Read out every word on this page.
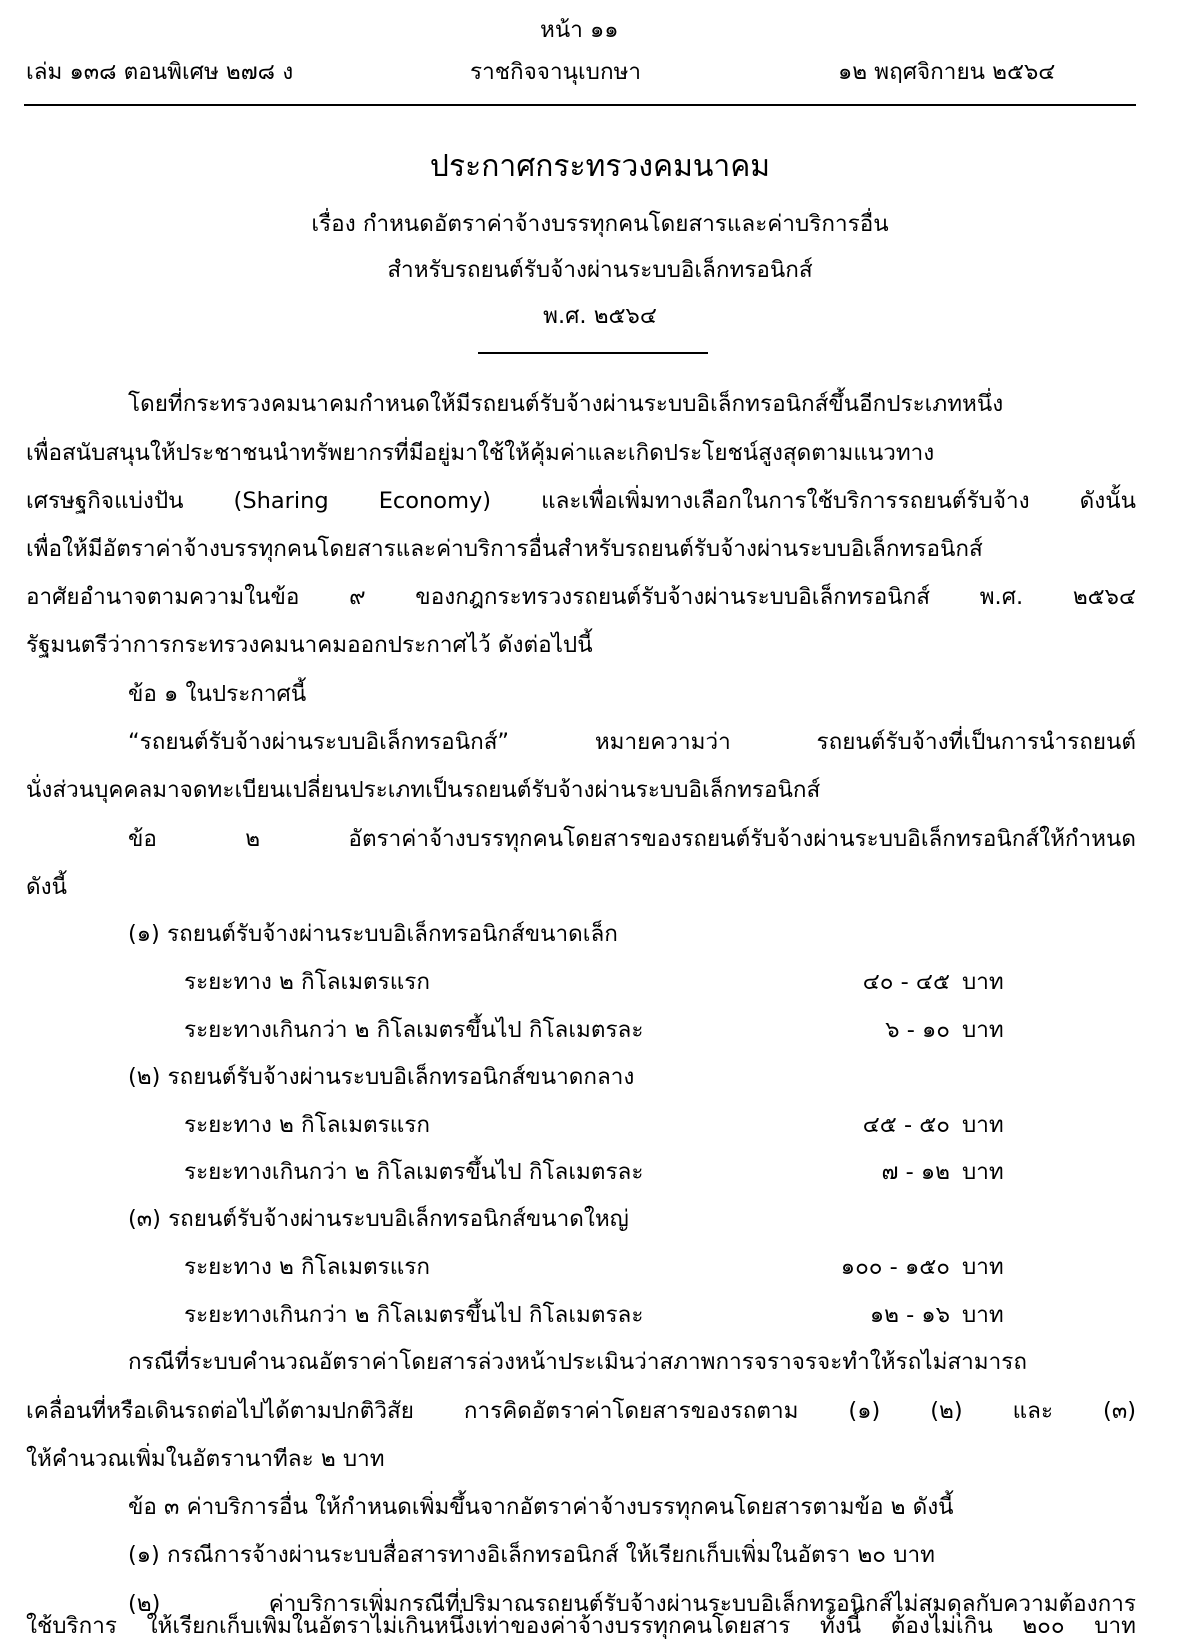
หน้า ๑๑
เล่ม ๑๓๘ ตอนพิเศษ ๒๗๘ ง	ราชกิจจานุเบกษา	๑๒ พฤศจิกายน ๒๕๖๔
ประกาศกระทรวงคมนาคม
เรื่อง กำหนดอัตราค่าจ้างบรรทุกคนโดยสารและค่าบริการอื่น
สำหรับรถยนต์รับจ้างผ่านระบบอิเล็กทรอนิกส์
พ.ศ. ๒๕๖๔
โดยที่กระทรวงคมนาคมกำหนดให้มีรถยนต์รับจ้างผ่านระบบอิเล็กทรอนิกส์ขึ้นอีกประเภทหนึ่ง
เพื่อสนับสนุนให้ประชาชนนำทรัพยากรที่มีอยู่มาใช้ให้คุ้มค่าและเกิดประโยชน์สูงสุดตามแนวทาง
เศรษฐกิจแบ่งปัน (Sharing Economy) และเพื่อเพิ่มทางเลือกในการใช้บริการรถยนต์รับจ้าง ดังนั้น
เพื่อให้มีอัตราค่าจ้างบรรทุกคนโดยสารและค่าบริการอื่นสำหรับรถยนต์รับจ้างผ่านระบบอิเล็กทรอนิกส์
อาศัยอำนาจตามความในข้อ ๙ ของกฎกระทรวงรถยนต์รับจ้างผ่านระบบอิเล็กทรอนิกส์ พ.ศ. ๒๕๖๔
รัฐมนตรีว่าการกระทรวงคมนาคมออกประกาศไว้ ดังต่อไปนี้
ข้อ ๑ ในประกาศนี้
“รถยนต์รับจ้างผ่านระบบอิเล็กทรอนิกส์” หมายความว่า รถยนต์รับจ้างที่เป็นการนำรถยนต์
นั่งส่วนบุคคลมาจดทะเบียนเปลี่ยนประเภทเป็นรถยนต์รับจ้างผ่านระบบอิเล็กทรอนิกส์
ข้อ ๒ อัตราค่าจ้างบรรทุกคนโดยสารของรถยนต์รับจ้างผ่านระบบอิเล็กทรอนิกส์ให้กำหนด
ดังนี้
(๑) รถยนต์รับจ้างผ่านระบบอิเล็กทรอนิกส์ขนาดเล็ก
ระยะทาง ๒ กิโลเมตรแรก	๔๐ - ๔๕ บาท
ระยะทางเกินกว่า ๒ กิโลเมตรขึ้นไป กิโลเมตรละ	๖ - ๑๐ บาท
(๒) รถยนต์รับจ้างผ่านระบบอิเล็กทรอนิกส์ขนาดกลาง
ระยะทาง ๒ กิโลเมตรแรก	๔๕ - ๕๐ บาท
ระยะทางเกินกว่า ๒ กิโลเมตรขึ้นไป กิโลเมตรละ	๗ - ๑๒ บาท
(๓) รถยนต์รับจ้างผ่านระบบอิเล็กทรอนิกส์ขนาดใหญ่
ระยะทาง ๒ กิโลเมตรแรก	๑๐๐ - ๑๕๐ บาท
ระยะทางเกินกว่า ๒ กิโลเมตรขึ้นไป กิโลเมตรละ	๑๒ - ๑๖ บาท
กรณีที่ระบบคำนวณอัตราค่าโดยสารล่วงหน้าประเมินว่าสภาพการจราจรจะทำให้รถไม่สามารถ
เคลื่อนที่หรือเดินรถต่อไปได้ตามปกติวิสัย การคิดอัตราค่าโดยสารของรถตาม (๑) (๒) และ (๓)
ให้คำนวณเพิ่มในอัตรานาทีละ ๒ บาท
ข้อ ๓ ค่าบริการอื่น ให้กำหนดเพิ่มขึ้นจากอัตราค่าจ้างบรรทุกคนโดยสารตามข้อ ๒ ดังนี้
(๑) กรณีการจ้างผ่านระบบสื่อสารทางอิเล็กทรอนิกส์ ให้เรียกเก็บเพิ่มในอัตรา ๒๐ บาท
(๒) ค่าบริการเพิ่มกรณีที่ปริมาณรถยนต์รับจ้างผ่านระบบอิเล็กทรอนิกส์ไม่สมดุลกับความต้องการ
ใช้บริการ ให้เรียกเก็บเพิ่มในอัตราไม่เกินหนึ่งเท่าของค่าจ้างบรรทุกคนโดยสาร ทั้งนี้ ต้องไม่เกิน ๒๐๐ บาท
